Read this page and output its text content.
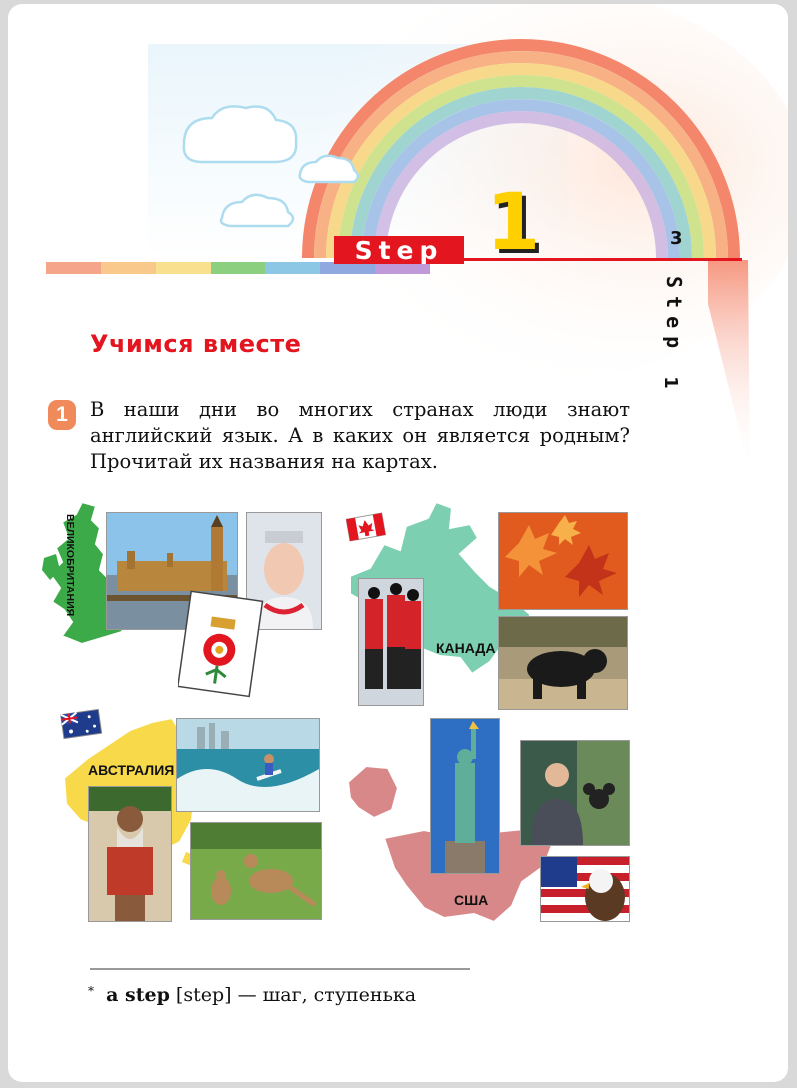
Step 1	3
Step
1
Учимся вместе
1	В наши дни во многих странах люди знают английский язык. А в каких он является родным? Прочитай их названия на картах.
ВЕЛИКОБРИТАНИЯ
КАНАДА
АВСТРАЛИЯ
США
* a step [step] — шаг, ступенька
